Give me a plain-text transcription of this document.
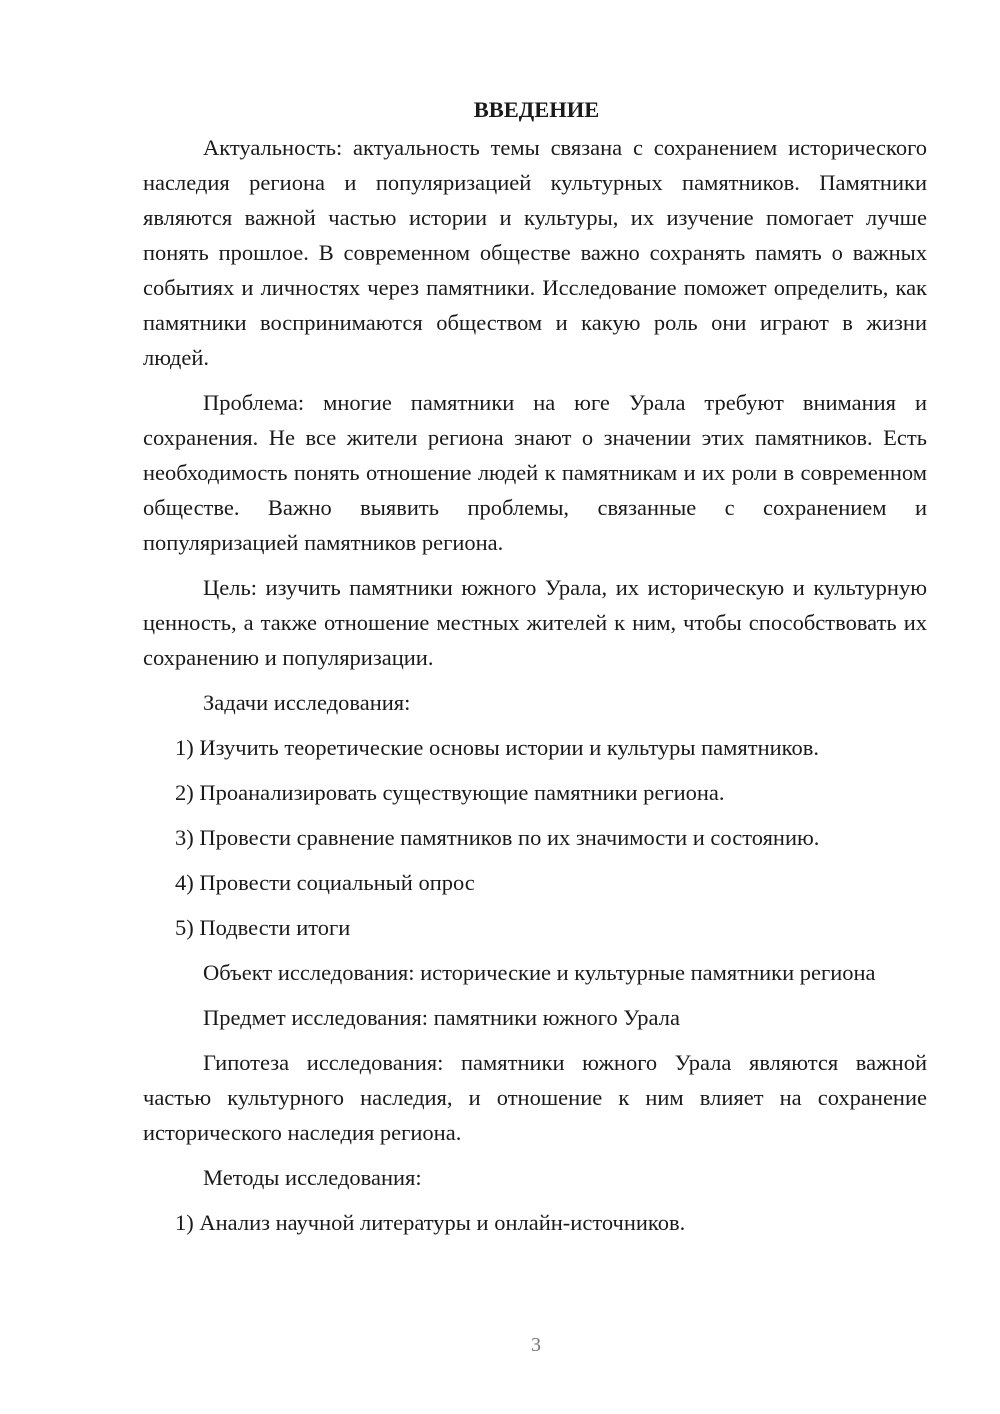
ВВЕДЕНИЕ

Актуальность: актуальность темы связана с сохранением исторического наследия региона и популяризацией культурных памятников. Памятники являются важной частью истории и культуры, их изучение помогает лучше понять прошлое. В современном обществе важно сохранять память о важных событиях и личностях через памятники. Исследование поможет определить, как памятники воспринимаются обществом и какую роль они играют в жизни людей.

Проблема: многие памятники на юге Урала требуют внимания и сохранения. Не все жители региона знают о значении этих памятников. Есть необходимость понять отношение людей к памятникам и их роли в современном обществе. Важно выявить проблемы, связанные с сохранением и популяризацией памятников региона.

Цель: изучить памятники южного Урала, их историческую и культурную ценность, а также отношение местных жителей к ним, чтобы способствовать их сохранению и популяризации.

Задачи исследования:

1) Изучить теоретические основы истории и культуры памятников.
2) Проанализировать существующие памятники региона.
3) Провести сравнение памятников по их значимости и состоянию.
4) Провести социальный опрос
5) Подвести итоги

Объект исследования: исторические и культурные памятники региона

Предмет исследования: памятники южного Урала

Гипотеза исследования: памятники южного Урала являются важной частью культурного наследия, и отношение к ним влияет на сохранение исторического наследия региона.

Методы исследования:

1) Анализ научной литературы и онлайн-источников.
3
